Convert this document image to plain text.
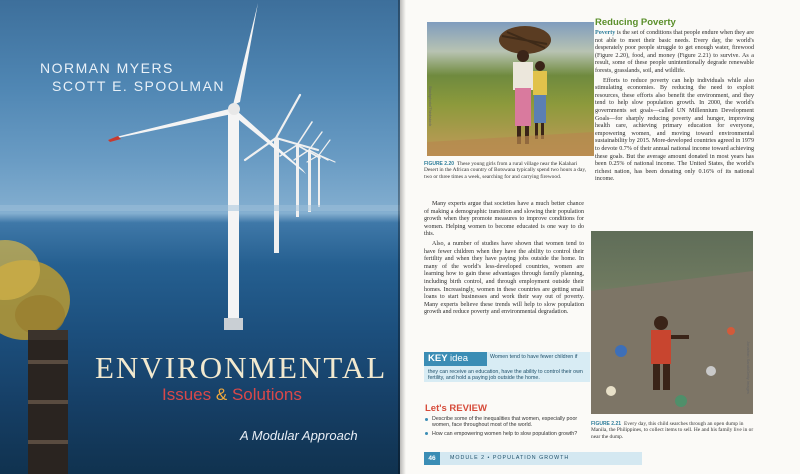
NORMAN MYERS
SCOTT E. SPOOLMAN
ENVIRONMENTAL
Issues & Solutions
A Modular Approach
Stockphoto/Thinkstock
FIGURE 2.20 These young girls from a rural village near the Kalahari Desert in the African country of Botswana typically spend two hours a day, two or three times a week, searching for and carrying firewood.
Reducing Poverty

Poverty is the set of conditions that people endure when they are not able to meet their basic needs. Every day, the world's desperately poor people struggle to get enough water, firewood (Figure 2.20), food, and money (Figure 2.21) to survive. As a result, some of these people unintentionally degrade renewable forests, grasslands, soil, and wildlife.

Efforts to reduce poverty can help individuals while also stimulating economies. By reducing the need to exploit resources, these efforts also benefit the environment, and they tend to help slow population growth. In 2000, the world's governments set goals—called UN Millennium Development Goals—for sharply reducing poverty and hunger, improving health care, achieving primary education for everyone, empowering women, and moving toward environmental sustainability by 2015. More-developed countries agreed in 1979 to devote 0.7% of their annual national income toward achieving these goals. But the average amount donated in most years has been 0.25% of national income. The United States, the world's richest nation, has been donating only 0.16% of its national income.

Many experts argue that societies have a much better chance of making a demographic transition and slowing their population growth when they promote measures to improve conditions for women. Helping women to become educated is one way to do this.

Also, a number of studies have shown that women tend to have fewer children when they have the ability to control their fertility and when they have paying jobs outside the home. In many of the world's less-developed countries, women are learning how to gain these advantages through family planning, including birth control, and through employment outside their homes. Increasingly, women in these countries are getting small loans to start businesses and work their way out of poverty. Many experts believe these trends will help to slow population growth and reduce poverty and environmental degradation.

KEY idea	Women tend to have fewer children if
they can receive an education, have the ability to control their own fertility, and hold a paying job outside the home.
Let's REVIEW
Describe some of the inequalities that women, especially poor women, face throughout most of the world.
How can empowering women help to slow population growth?
Jonathan Saruk/Getty Images
FIGURE 2.21 Every day, this child searches through an open dump in Manila, the Philippines, to collect items to sell. He and his family live in or near the dump.
46	MODULE 2 • POPULATION GROWTH
